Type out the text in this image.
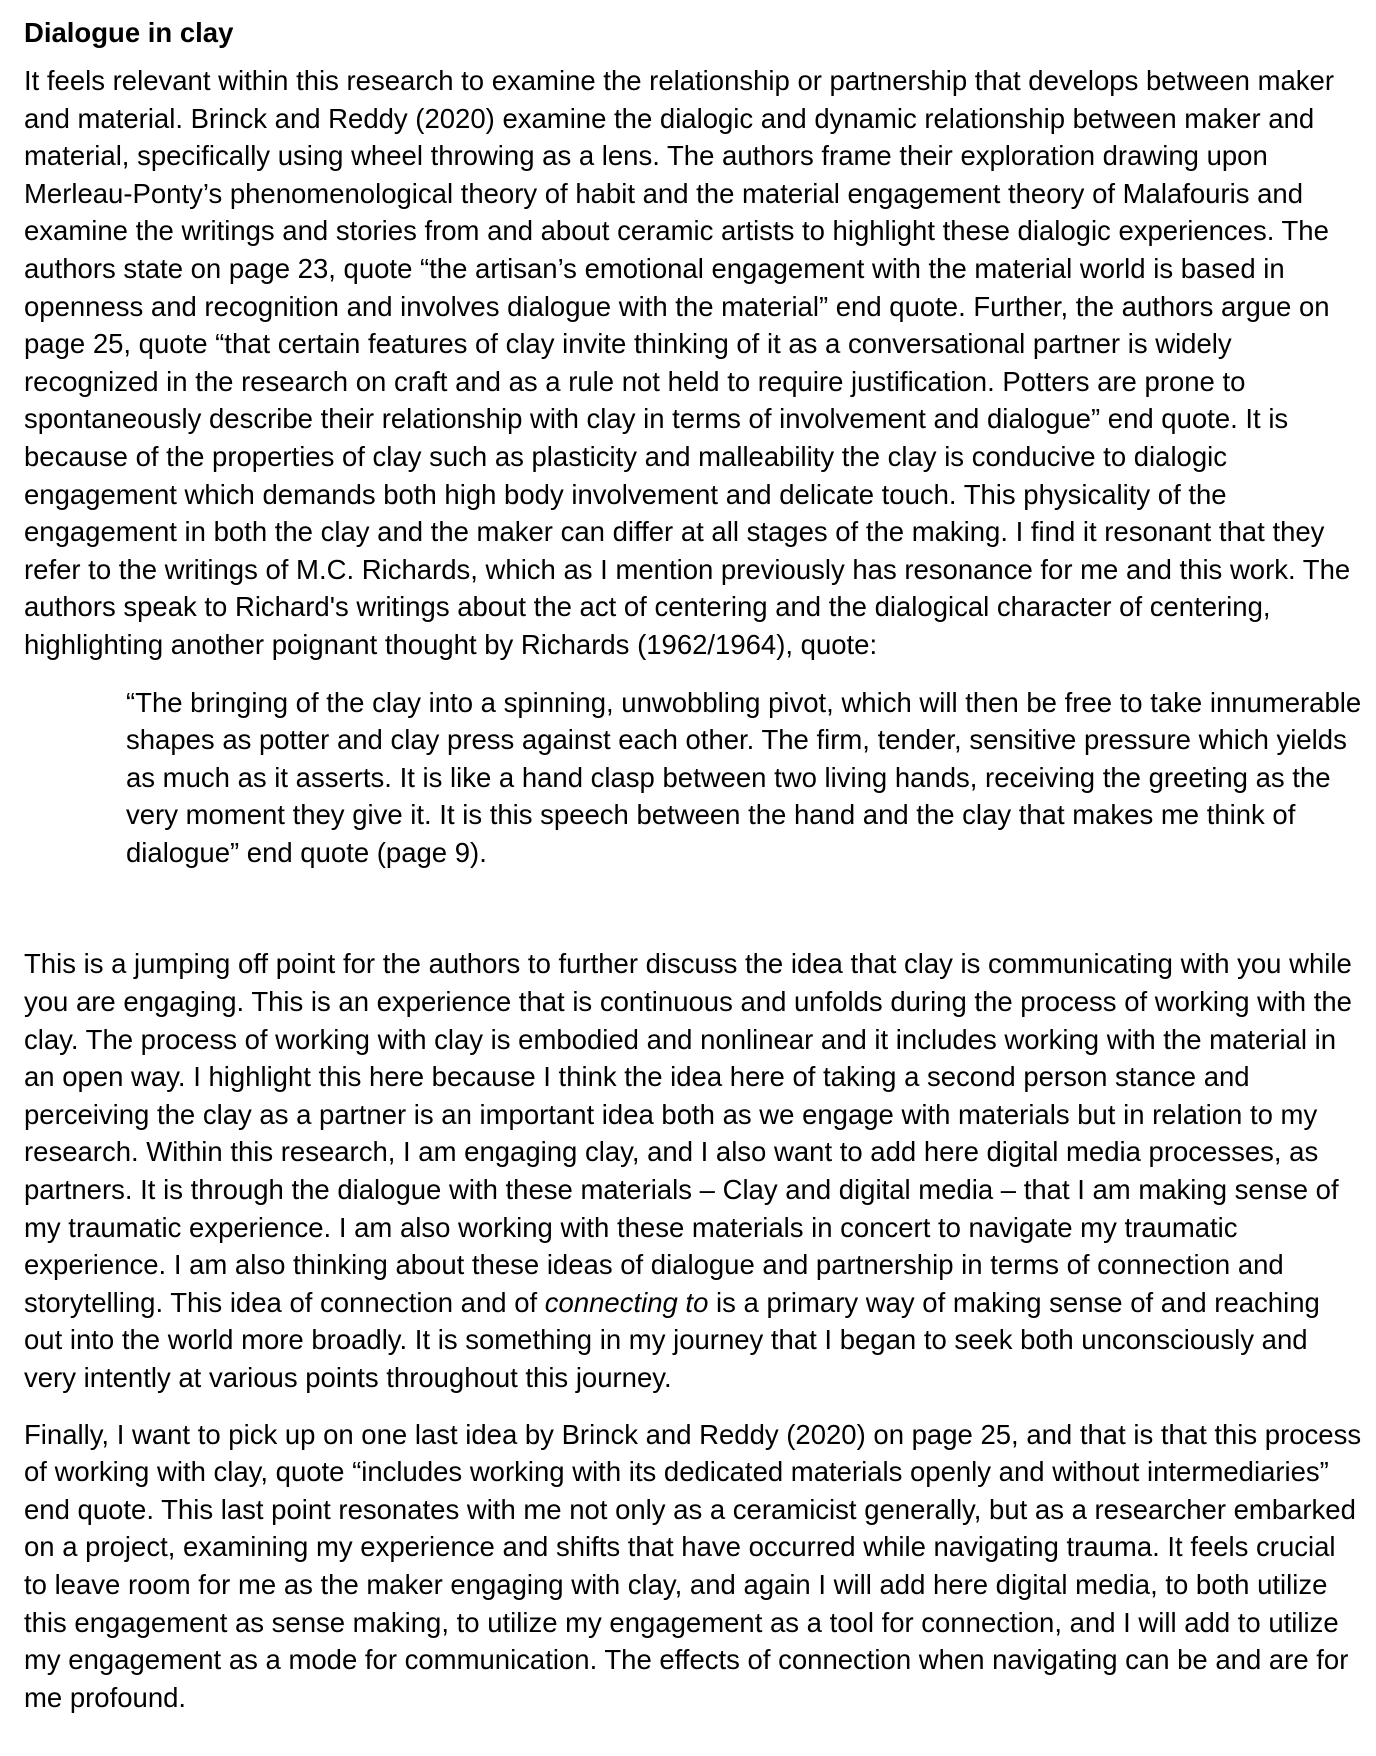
Dialogue in clay

It feels relevant within this research to examine the relationship or partnership that develops between maker and material. Brinck and Reddy (2020) examine the dialogic and dynamic relationship between maker and material, specifically using wheel throwing as a lens. The authors frame their exploration drawing upon Merleau-Ponty’s phenomenological theory of habit and the material engagement theory of Malafouris and examine the writings and stories from and about ceramic artists to highlight these dialogic experiences. The authors state on page 23, quote “the artisan’s emotional engagement with the material world is based in openness and recognition and involves dialogue with the material” end quote. Further, the authors argue on page 25, quote “that certain features of clay invite thinking of it as a conversational partner is widely recognized in the research on craft and as a rule not held to require justification. Potters are prone to spontaneously describe their relationship with clay in terms of involvement and dialogue” end quote. It is because of the properties of clay such as plasticity and malleability the clay is conducive to dialogic engagement which demands both high body involvement and delicate touch. This physicality of the engagement in both the clay and the maker can differ at all stages of the making. I find it resonant that they refer to the writings of M.C. Richards, which as I mention previously has resonance for me and this work. The authors speak to Richard's writings about the act of centering and the dialogical character of centering, highlighting another poignant thought by Richards (1962/1964), quote:

“The bringing of the clay into a spinning, unwobbling pivot, which will then be free to take innumerable shapes as potter and clay press against each other. The firm, tender, sensitive pressure which yields as much as it asserts. It is like a hand clasp between two living hands, receiving the greeting as the very moment they give it. It is this speech between the hand and the clay that makes me think of dialogue” end quote (page 9).

This is a jumping off point for the authors to further discuss the idea that clay is communicating with you while you are engaging. This is an experience that is continuous and unfolds during the process of working with the clay. The process of working with clay is embodied and nonlinear and it includes working with the material in an open way. I highlight this here because I think the idea here of taking a second person stance and perceiving the clay as a partner is an important idea both as we engage with materials but in relation to my research. Within this research, I am engaging clay, and I also want to add here digital media processes, as partners. It is through the dialogue with these materials – Clay and digital media – that I am making sense of my traumatic experience. I am also working with these materials in concert to navigate my traumatic experience. I am also thinking about these ideas of dialogue and partnership in terms of connection and storytelling. This idea of connection and of connecting to is a primary way of making sense of and reaching out into the world more broadly. It is something in my journey that I began to seek both unconsciously and very intently at various points throughout this journey.

Finally, I want to pick up on one last idea by Brinck and Reddy (2020) on page 25, and that is that this process of working with clay, quote “includes working with its dedicated materials openly and without intermediaries” end quote. This last point resonates with me not only as a ceramicist generally, but as a researcher embarked on a project, examining my experience and shifts that have occurred while navigating trauma. It feels crucial to leave room for me as the maker engaging with clay, and again I will add here digital media, to both utilize this engagement as sense making, to utilize my engagement as a tool for connection, and I will add to utilize my engagement as a mode for communication. The effects of connection when navigating can be and are for me profound.
